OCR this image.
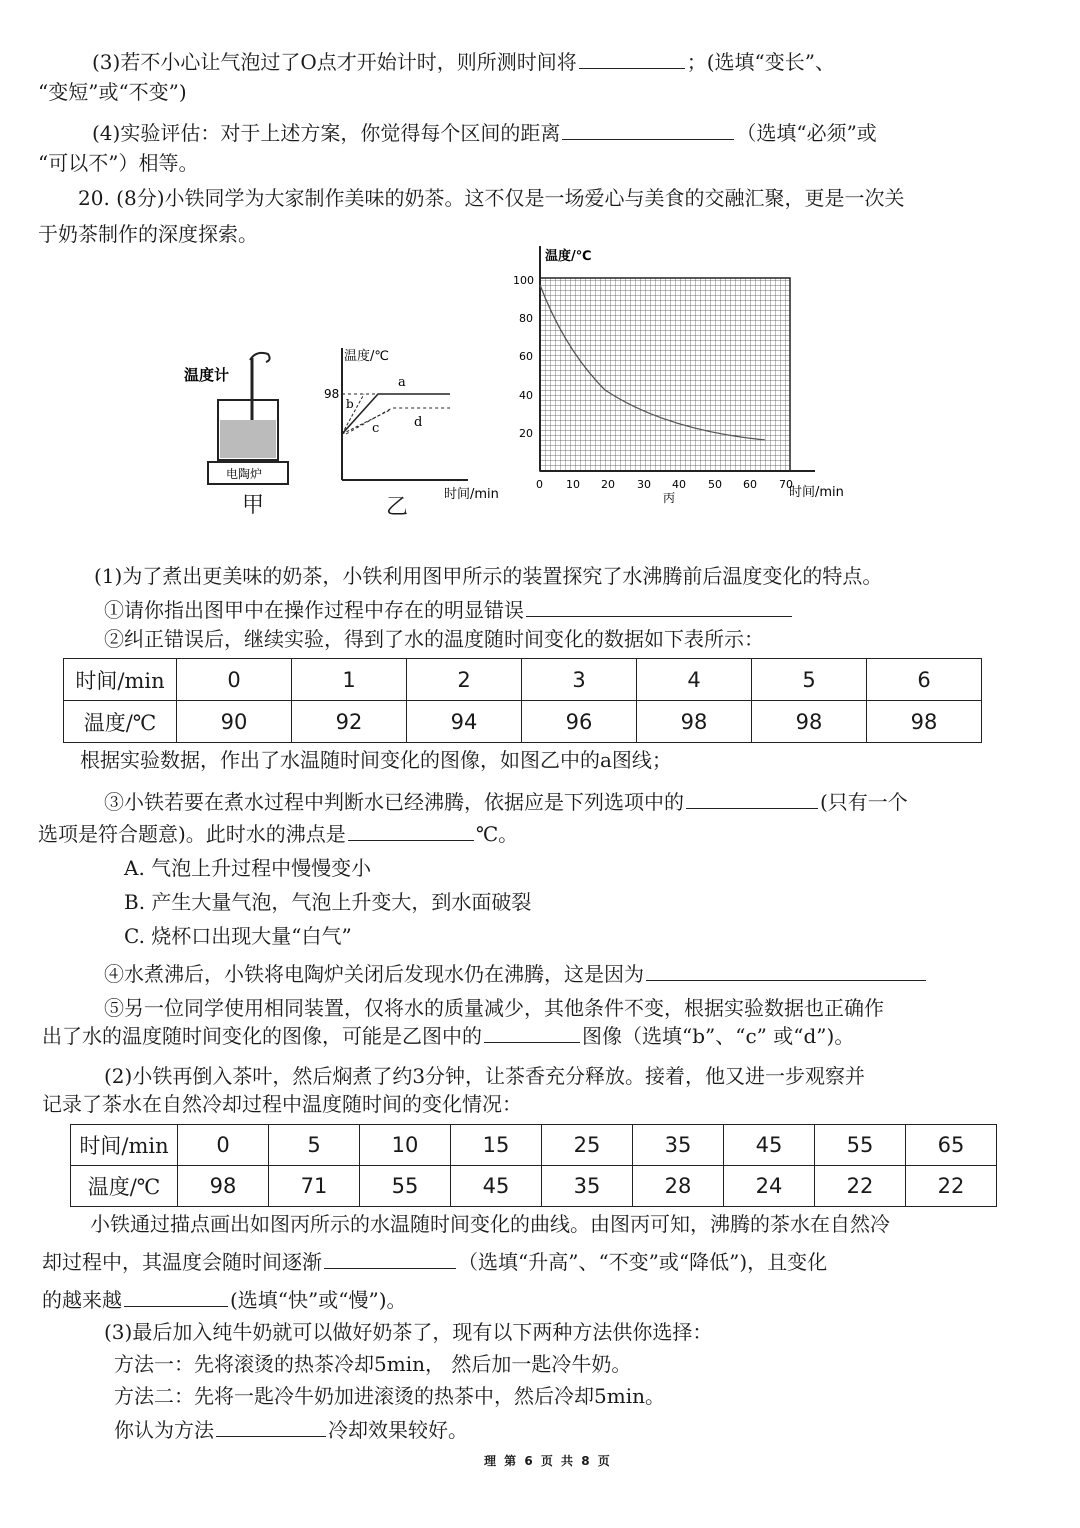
(3)若不小心让气泡过了O点才开始计时，则所测时间将	；(选填“变长”、
“变短”或“不变”)
(4)实验评估：对于上述方案，你觉得每个区间的距离	（选填“必须”或
“可以不”）相等。
20. (8分)小铁同学为大家制作美味的奶茶。这不仅是一场爱心与美食的交融汇聚，更是一次关
于奶茶制作的深度探索。
温度计
电陶炉
甲
温度/℃
时间/min
98
a
b
c	d
乙
温度/℃
时间/min
100
80
60
40
20
0 10 20 30 40 50 60 70
丙
(1)为了煮出更美味的奶茶，小铁利用图甲所示的装置探究了水沸腾前后温度变化的特点。
①请你指出图甲中在操作过程中存在的明显错误
②纠正错误后，继续实验，得到了水的温度随时间变化的数据如下表所示：
时间/min	0	1	2	3	4	5	6
温度/℃	90	92	94	96	98	98	98
根据实验数据，作出了水温随时间变化的图像，如图乙中的a图线；
③小铁若要在煮水过程中判断水已经沸腾，依据应是下列选项中的	(只有一个
选项是符合题意)。此时水的沸点是	℃。
A. 气泡上升过程中慢慢变小
B. 产生大量气泡，气泡上升变大，到水面破裂
C. 烧杯口出现大量“白气”
④水煮沸后，小铁将电陶炉关闭后发现水仍在沸腾，这是因为
⑤另一位同学使用相同装置，仅将水的质量减少，其他条件不变，根据实验数据也正确作
出了水的温度随时间变化的图像，可能是乙图中的	图像（选填“b”、“c” 或“d”)。
(2)小铁再倒入茶叶，然后焖煮了约3分钟，让茶香充分释放。接着，他又进一步观察并
记录了茶水在自然冷却过程中温度随时间的变化情况：
时间/min	0	5	10	15	25	35	45	55	65
温度/℃	98	71	55	45	35	28	24	22	22
小铁通过描点画出如图丙所示的水温随时间变化的曲线。由图丙可知，沸腾的茶水在自然冷
却过程中，其温度会随时间逐渐	（选填“升高”、“不变”或“降低”)，且变化
的越来越	(选填“快”或“慢”)。
(3)最后加入纯牛奶就可以做好奶茶了，现有以下两种方法供你选择：
方法一：先将滚烫的热茶冷却5min， 然后加一匙冷牛奶。
方法二：先将一匙冷牛奶加进滚烫的热茶中，然后冷却5min。
你认为方法	冷却效果较好。
理 第 6 页 共 8 页
